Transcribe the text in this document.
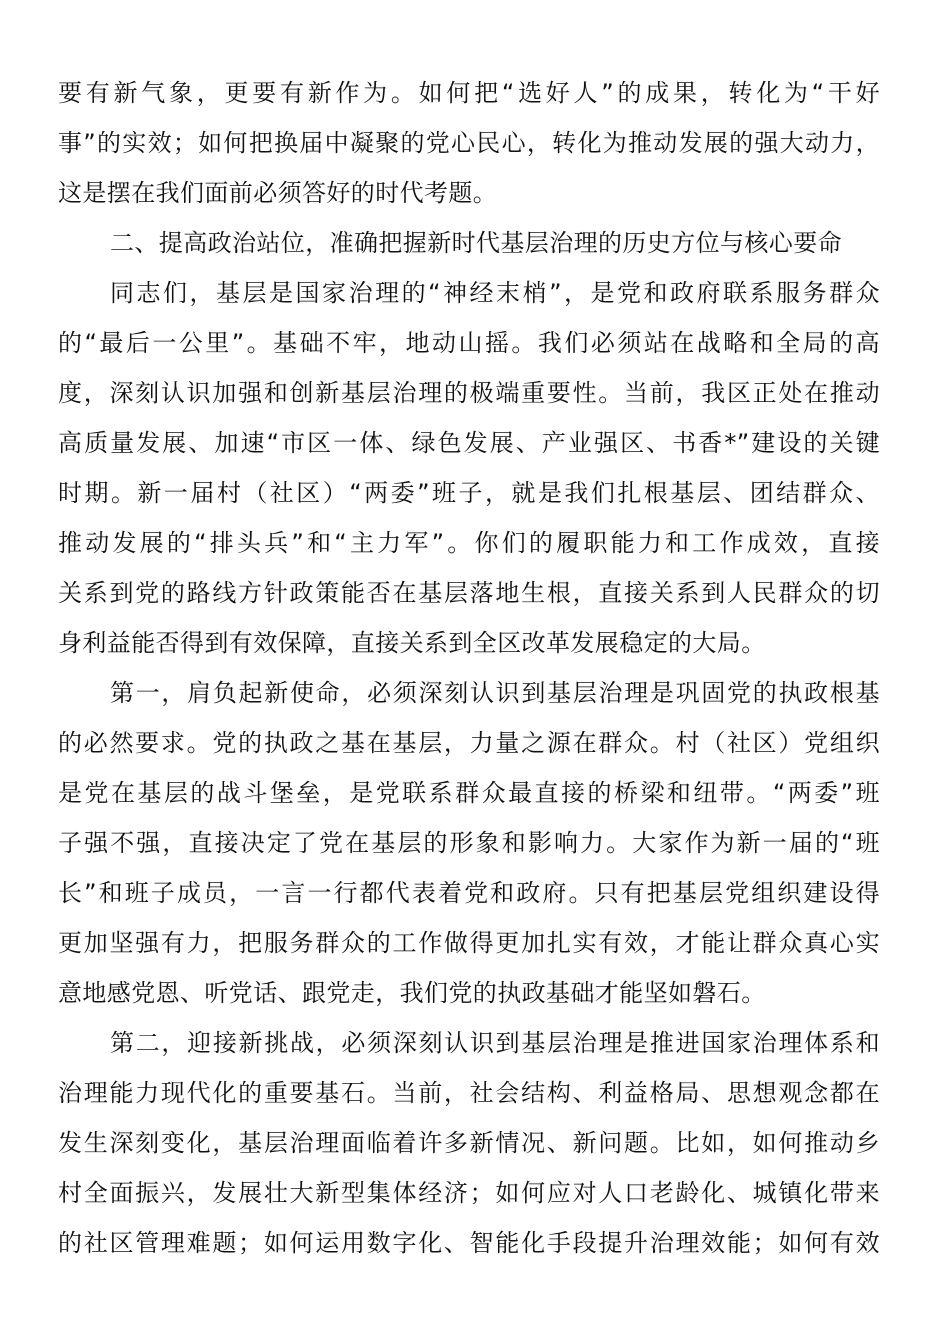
要有新气象，更要有新作为。如何把“选好人”的成果，转化为“干好
事”的实效；如何把换届中凝聚的党心民心，转化为推动发展的强大动力，
这是摆在我们面前必须答好的时代考题。
二、提高政治站位，准确把握新时代基层治理的历史方位与核心要命
同志们，基层是国家治理的“神经末梢”，是党和政府联系服务群众
的“最后一公里”。基础不牢，地动山摇。我们必须站在战略和全局的高
度，深刻认识加强和创新基层治理的极端重要性。当前，我区正处在推动
高质量发展、加速“市区一体、绿色发展、产业强区、书香*”建设的关键
时期。新一届村（社区）“两委”班子，就是我们扎根基层、团结群众、
推动发展的“排头兵”和“主力军”。你们的履职能力和工作成效，直接
关系到党的路线方针政策能否在基层落地生根，直接关系到人民群众的切
身利益能否得到有效保障，直接关系到全区改革发展稳定的大局。
第一，肩负起新使命，必须深刻认识到基层治理是巩固党的执政根基
的必然要求。党的执政之基在基层，力量之源在群众。村（社区）党组织
是党在基层的战斗堡垒，是党联系群众最直接的桥梁和纽带。“两委”班
子强不强，直接决定了党在基层的形象和影响力。大家作为新一届的“班
长”和班子成员，一言一行都代表着党和政府。只有把基层党组织建设得
更加坚强有力，把服务群众的工作做得更加扎实有效，才能让群众真心实
意地感党恩、听党话、跟党走，我们党的执政基础才能坚如磐石。
第二，迎接新挑战，必须深刻认识到基层治理是推进国家治理体系和
治理能力现代化的重要基石。当前，社会结构、利益格局、思想观念都在
发生深刻变化，基层治理面临着许多新情况、新问题。比如，如何推动乡
村全面振兴，发展壮大新型集体经济；如何应对人口老龄化、城镇化带来
的社区管理难题；如何运用数字化、智能化手段提升治理效能；如何有效
